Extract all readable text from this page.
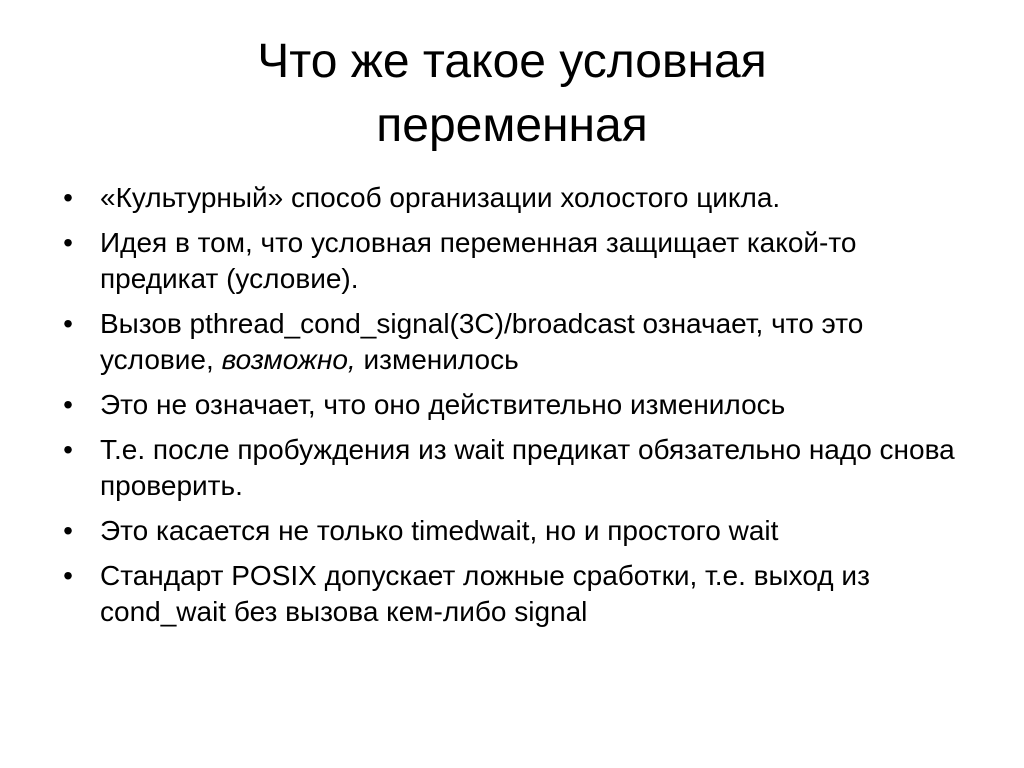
Что же такое условная
переменная
• «Культурный» способ организации холостого цикла.
• Идея в том, что условная переменная защищает какой-то предикат (условие).
• Вызов pthread_cond_signal(3C)/broadcast означает, что это условие, возможно, изменилось
• Это не означает, что оно действительно изменилось
• Т.е. после пробуждения из wait предикат обязательно надо снова проверить.
• Это касается не только timedwait, но и простого wait
• Стандарт POSIX допускает ложные сработки, т.е. выход из cond_wait без вызова кем-либо signal
